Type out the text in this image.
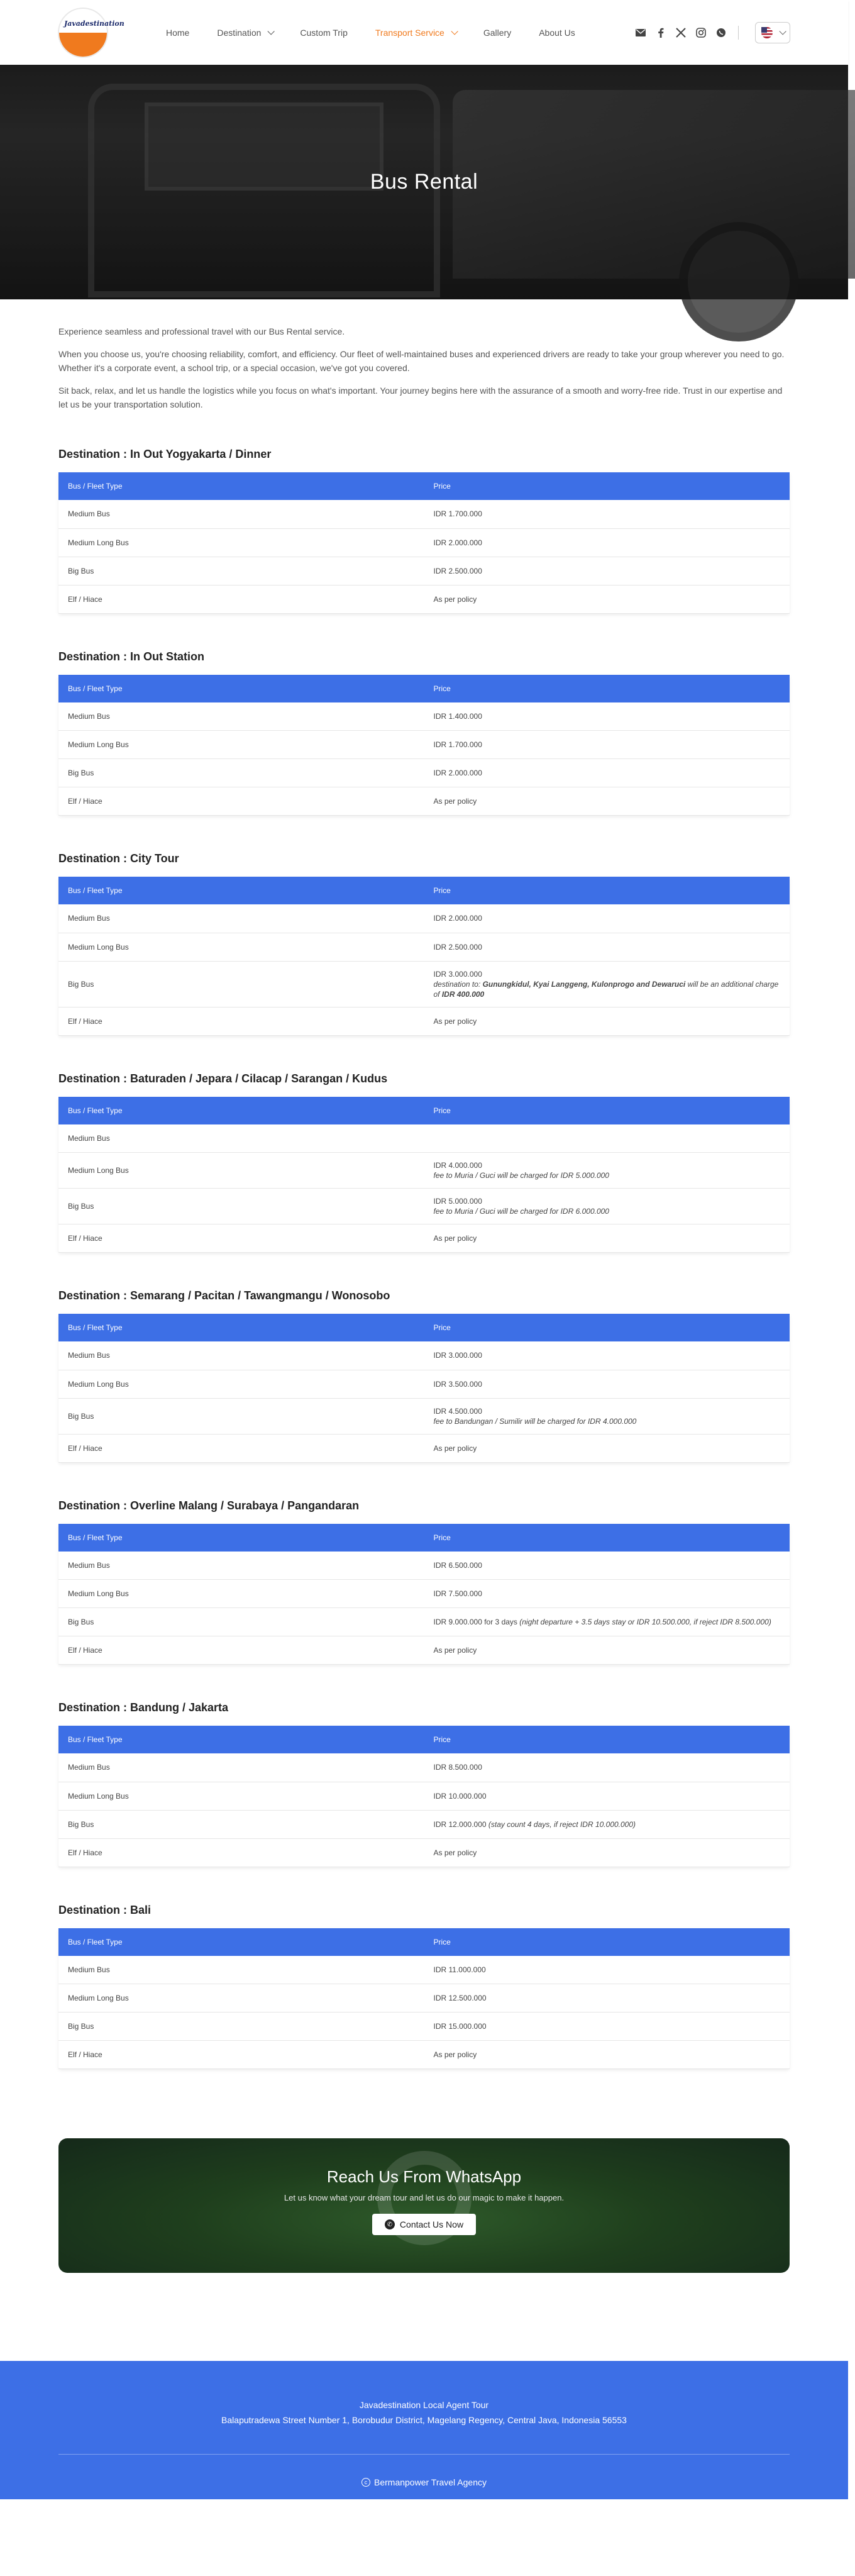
Javadestination
Home	Destination	Custom Trip	Transport Service	Gallery	About Us
Bus Rental

Experience seamless and professional travel with our Bus Rental service.

When you choose us, you're choosing reliability, comfort, and efficiency. Our fleet of well-maintained buses and experienced drivers are ready to take your group wherever you need to go. Whether it's a corporate event, a school trip, or a special occasion, we've got you covered.

Sit back, relax, and let us handle the logistics while you focus on what's important. Your journey begins here with the assurance of a smooth and worry-free ride. Trust in our expertise and let us be your transportation solution.

Destination : In Out Yogyakarta / Dinner
Bus / Fleet Type	Price
Medium Bus	IDR 1.700.000
Medium Long Bus	IDR 2.000.000
Big Bus	IDR 2.500.000
Elf / Hiace	As per policy
Destination : In Out Station
Bus / Fleet Type	Price
Medium Bus	IDR 1.400.000
Medium Long Bus	IDR 1.700.000
Big Bus	IDR 2.000.000
Elf / Hiace	As per policy
Destination : City Tour
Bus / Fleet Type	Price
Medium Bus	IDR 2.000.000
Medium Long Bus	IDR 2.500.000
Big Bus	IDR 3.000.000
destination to: Gunungkidul, Kyai Langgeng, Kulonprogo and Dewaruci will be an additional charge of IDR 400.000

Elf / Hiace	As per policy
Destination : Baturaden / Jepara / Cilacap / Sarangan / Kudus
Bus / Fleet Type	Price
Medium Bus	
Medium Long Bus	IDR 4.000.000
fee to Muria / Guci will be charged for IDR 5.000.000

Big Bus	IDR 5.000.000
fee to Muria / Guci will be charged for IDR 6.000.000

Elf / Hiace	As per policy
Destination : Semarang / Pacitan / Tawangmangu / Wonosobo
Bus / Fleet Type	Price
Medium Bus	IDR 3.000.000
Medium Long Bus	IDR 3.500.000
Big Bus	IDR 4.500.000
fee to Bandungan / Sumilir will be charged for IDR 4.000.000

Elf / Hiace	As per policy
Destination : Overline Malang / Surabaya / Pangandaran
Bus / Fleet Type	Price
Medium Bus	IDR 6.500.000
Medium Long Bus	IDR 7.500.000
Big Bus	IDR 9.000.000 for 3 days (night departure + 3.5 days stay or IDR 10.500.000, if reject IDR 8.500.000)
Elf / Hiace	As per policy
Destination : Bandung / Jakarta
Bus / Fleet Type	Price
Medium Bus	IDR 8.500.000
Medium Long Bus	IDR 10.000.000
Big Bus	IDR 12.000.000 (stay count 4 days, if reject IDR 10.000.000)
Elf / Hiace	As per policy
Destination : Bali
Bus / Fleet Type	Price
Medium Bus	IDR 11.000.000
Medium Long Bus	IDR 12.500.000
Big Bus	IDR 15.000.000
Elf / Hiace	As per policy
Reach Us From WhatsApp

Let us know what your dream tour and let us do our magic to make it happen.

✆ Contact Us Now
Javadestination Local Agent Tour
Balaputradewa Street Number 1, Borobudur District, Magelang Regency, Central Java, Indonesia 56553
c Bermanpower Travel Agency
